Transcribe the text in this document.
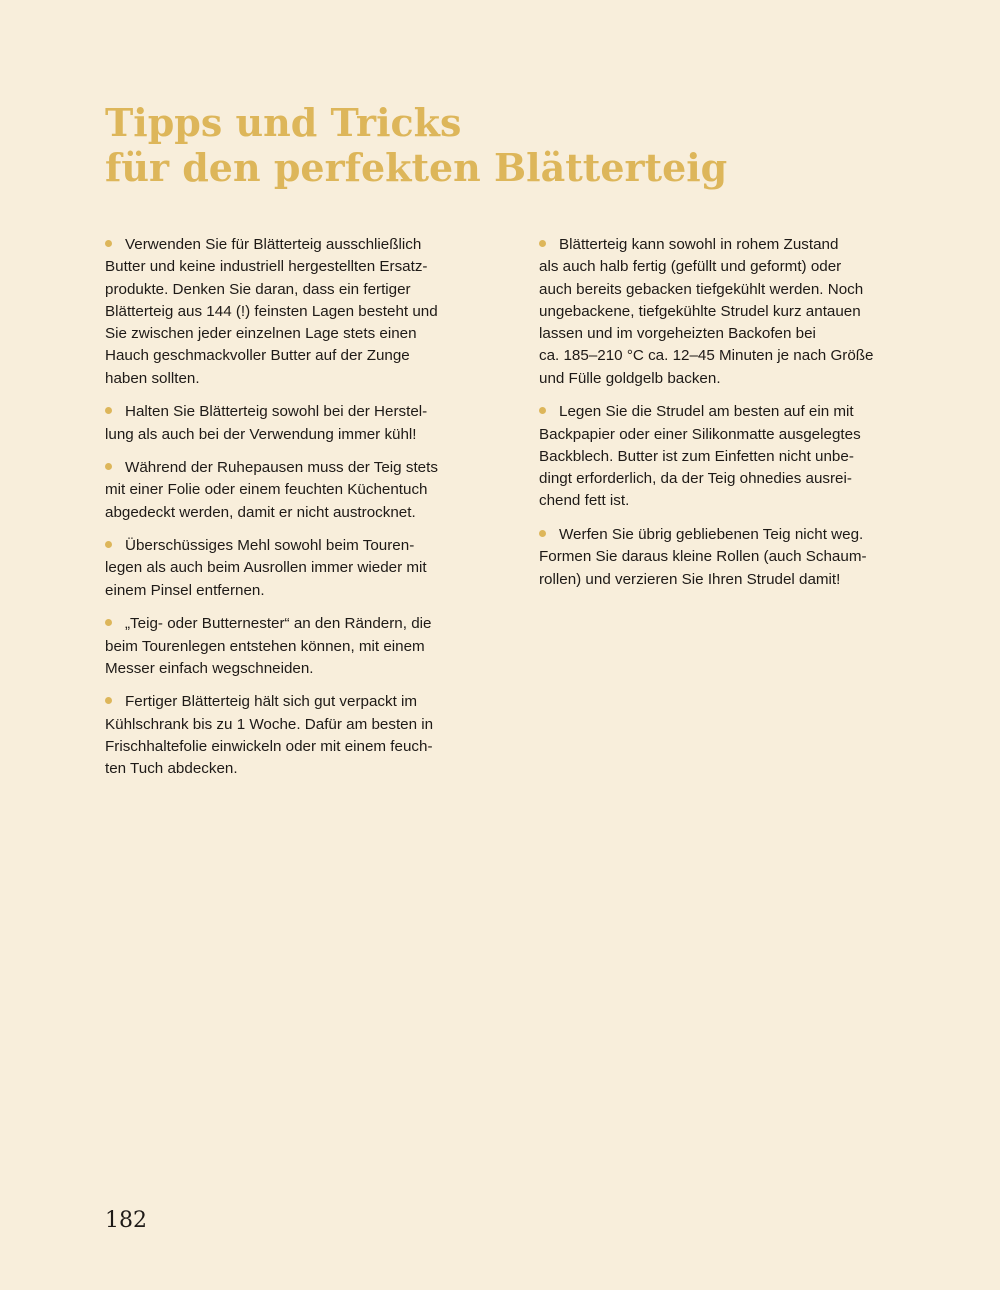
Tipps und Tricks
für den perfekten Blätterteig

Verwenden Sie für Blätterteig ausschließlich
Butter und keine industriell hergestellten Ersatz-
produkte. Denken Sie daran, dass ein fertiger
Blätterteig aus 144 (!) feinsten Lagen besteht und
Sie zwischen jeder einzelnen Lage stets einen
Hauch geschmackvoller Butter auf der Zunge
haben sollten.

Halten Sie Blätterteig sowohl bei der Herstel-
lung als auch bei der Verwendung immer kühl!

Während der Ruhepausen muss der Teig stets
mit einer Folie oder einem feuchten Küchentuch
abgedeckt werden, damit er nicht austrocknet.

Überschüssiges Mehl sowohl beim Touren-
legen als auch beim Ausrollen immer wieder mit
einem Pinsel entfernen.

„Teig- oder Butternester“ an den Rändern, die
beim Tourenlegen entstehen können, mit einem
Messer einfach wegschneiden.

Fertiger Blätterteig hält sich gut verpackt im
Kühlschrank bis zu 1 Woche. Dafür am besten in
Frischhaltefolie einwickeln oder mit einem feuch-
ten Tuch abdecken.

Blätterteig kann sowohl in rohem Zustand
als auch halb fertig (gefüllt und geformt) oder
auch bereits gebacken tiefgekühlt werden. Noch
ungebackene, tiefgekühlte Strudel kurz antauen
lassen und im vorgeheizten Backofen bei
ca. 185–210 °C ca. 12–45 Minuten je nach Größe
und Fülle goldgelb backen.

Legen Sie die Strudel am besten auf ein mit
Backpapier oder einer Silikonmatte ausgelegtes
Backblech. Butter ist zum Einfetten nicht unbe-
dingt erforderlich, da der Teig ohnedies ausrei-
chend fett ist.

Werfen Sie übrig gebliebenen Teig nicht weg.
Formen Sie daraus kleine Rollen (auch Schaum-
rollen) und verzieren Sie Ihren Strudel damit!

182
